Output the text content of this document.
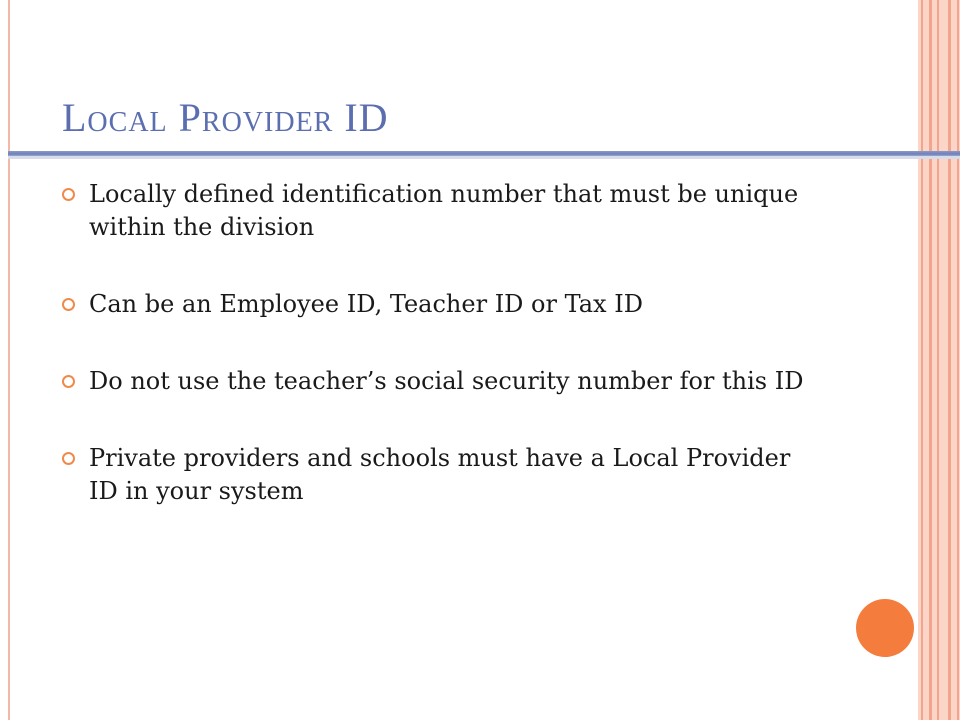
Local Provider ID
Locally defined identification number that must be unique within the division
Can be an Employee ID, Teacher ID or Tax ID
Do not use the teacher’s social security number for this ID
Private providers and schools must have a Local Provider ID in your system
